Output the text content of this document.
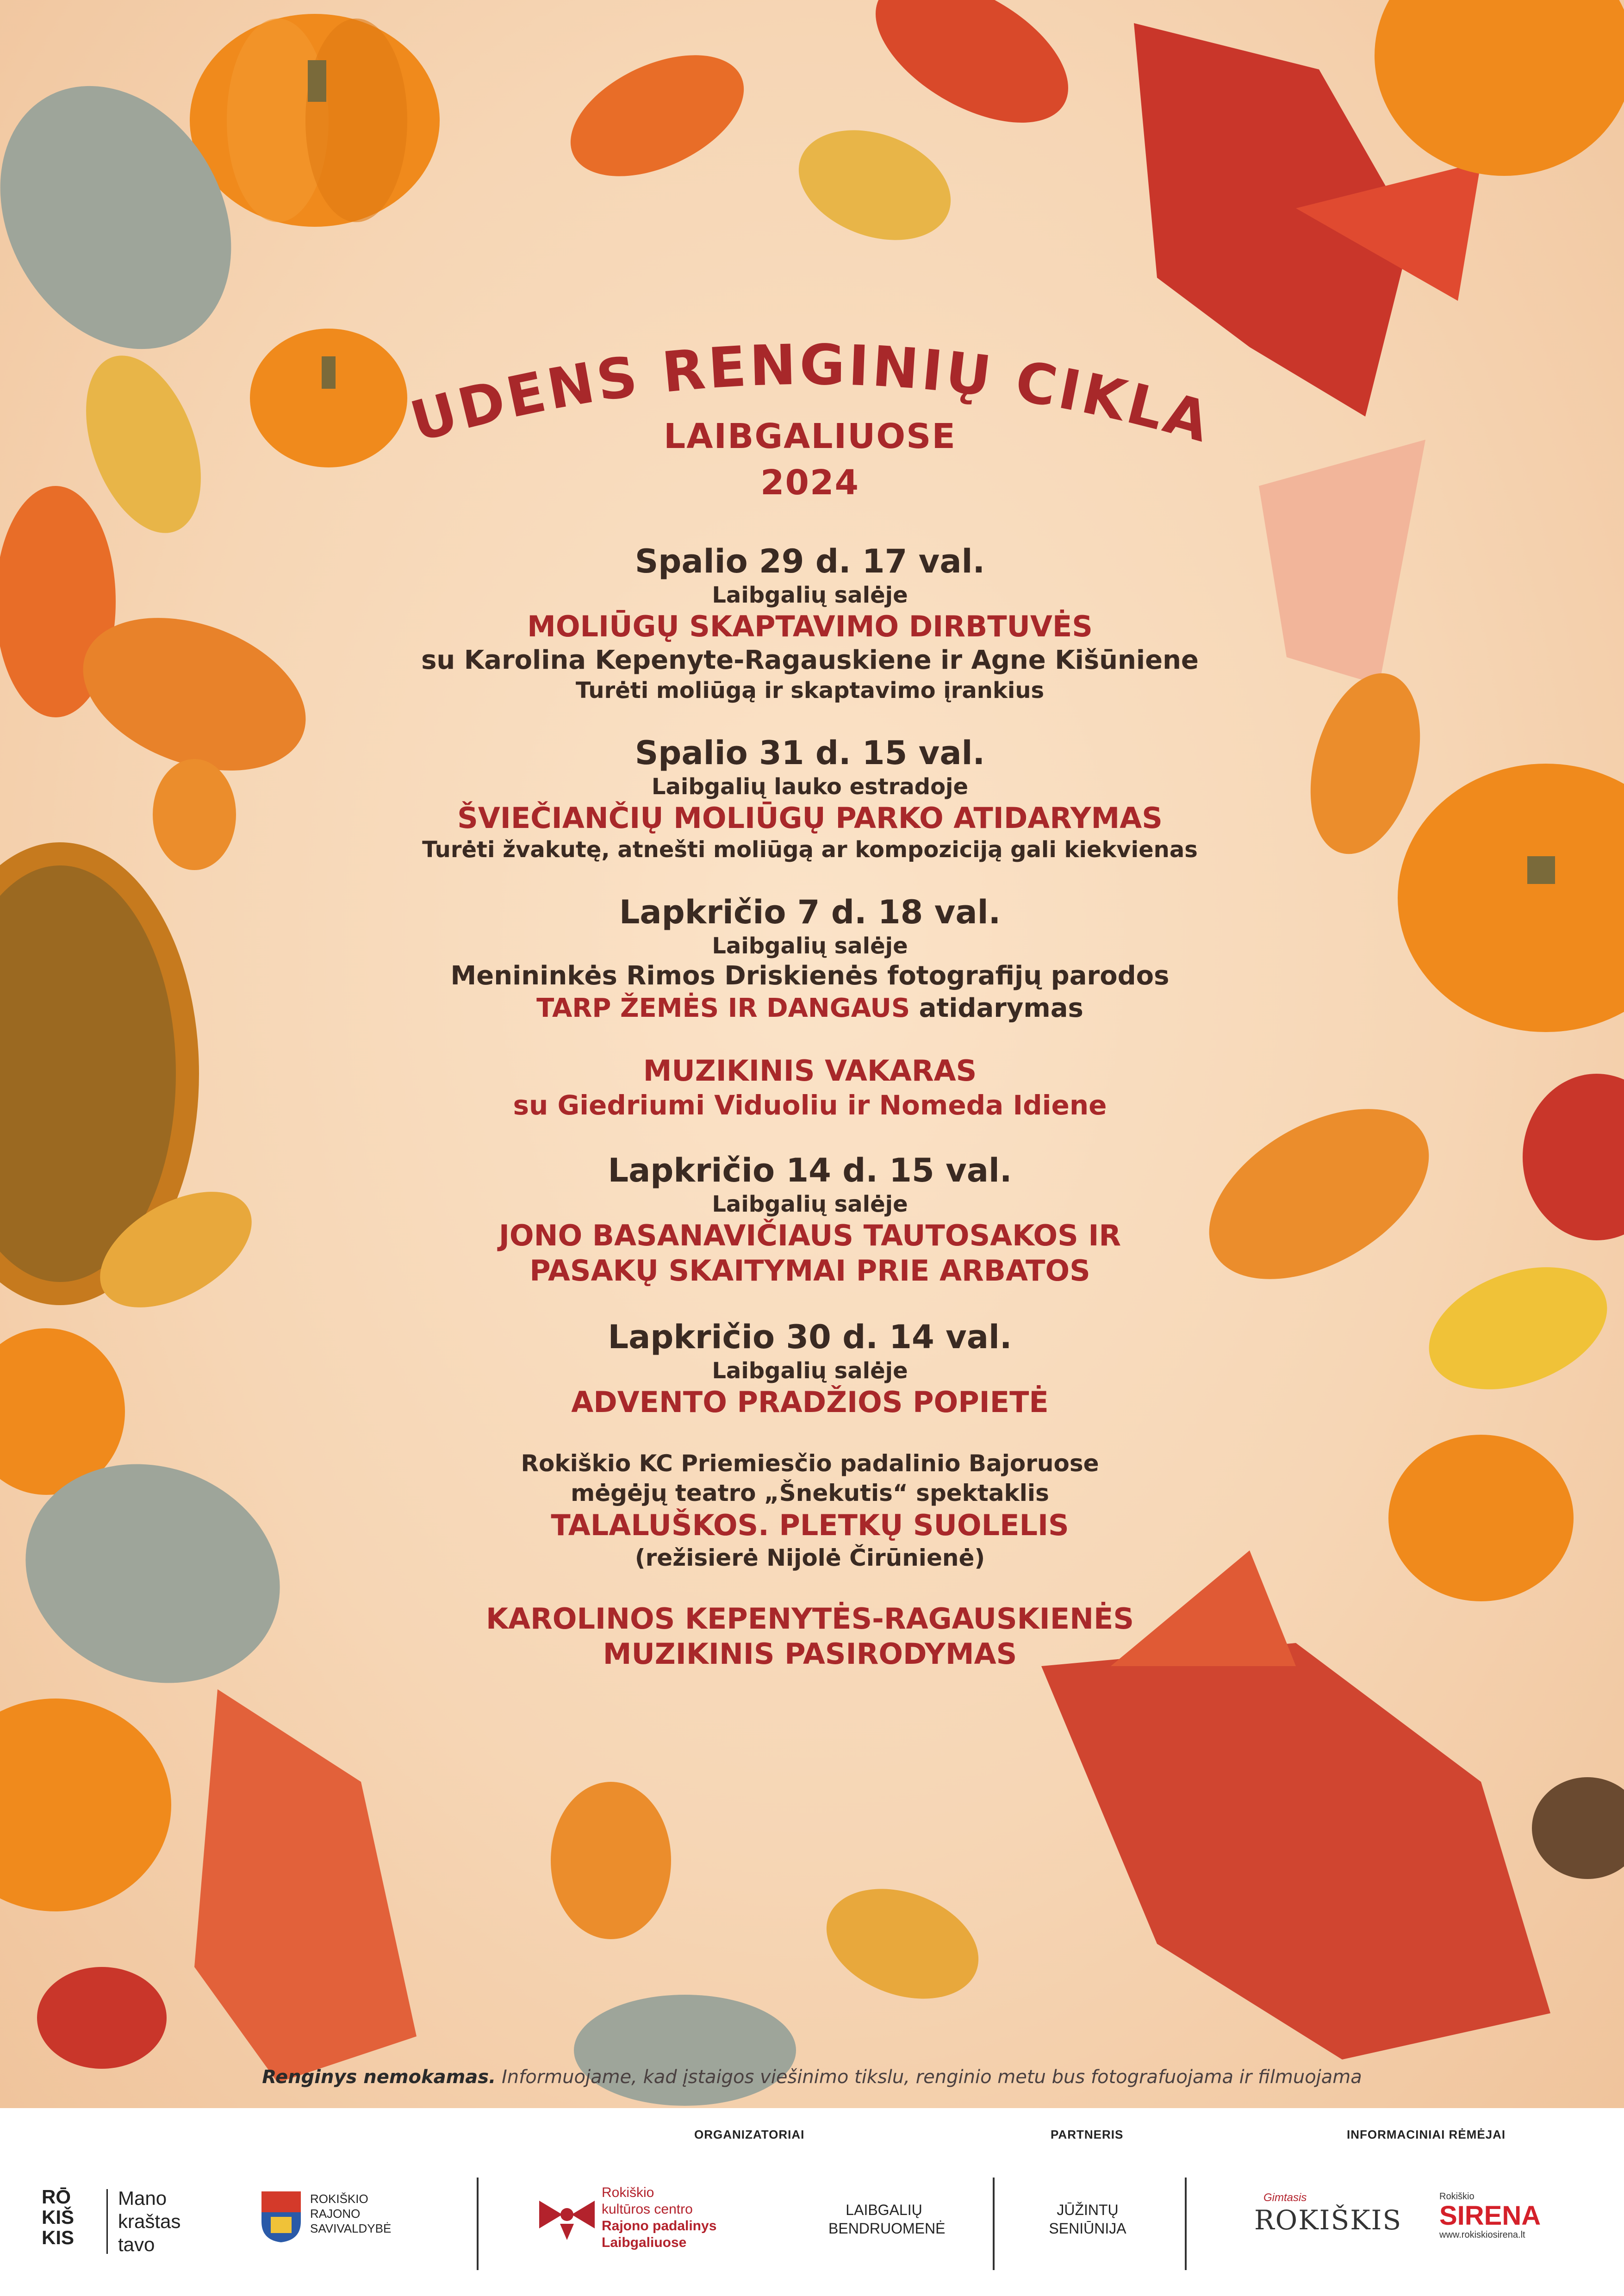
UDENS RENGINIŲ CIKLA
LAIBGALIUOSE
2024
Spalio 29 d. 17 val.
Laibgalių salėje
MOLIŪGŲ SKAPTAVIMO DIRBTUVĖS
su Karolina Kepenyte-Ragauskiene ir Agne Kišūniene
Turėti moliūgą ir skaptavimo įrankius
Spalio 31 d. 15 val.
Laibgalių lauko estradoje
ŠVIEČIANČIŲ MOLIŪGŲ PARKO ATIDARYMAS
Turėti žvakutę, atnešti moliūgą ar kompoziciją gali kiekvienas
Lapkričio 7 d. 18 val.
Laibgalių salėje
Menininkės Rimos Driskienės fotografijų parodos
TARP ŽEMĖS IR DANGAUS atidarymas
MUZIKINIS VAKARAS
su Giedriumi Viduoliu ir Nomeda Idiene
Lapkričio 14 d. 15 val.
Laibgalių salėje
JONO BASANAVIČIAUS TAUTOSAKOS IR
PASAKŲ SKAITYMAI PRIE ARBATOS
Lapkričio 30 d. 14 val.
Laibgalių salėje
ADVENTO PRADŽIOS POPIETĖ
Rokiškio KC Priemiesčio padalinio Bajoruose
mėgėjų teatro „Šnekutis“ spektaklis
TALALUŠKOS. PLETKŲ SUOLELIS
(režisierė Nijolė Čirūnienė)
KAROLINOS KEPENYTĖS-RAGAUSKIENĖS
MUZIKINIS PASIRODYMAS
Renginys nemokamas. Informuojame, kad įstaigos viešinimo tikslu, renginio metu bus fotografuojama ir filmuojama
ORGANIZATORIAI	PARTNERIS	INFORMACINIAI RĖMĖJAI
RŌ KIŠ KIS
Mano
kraštas
tavo
ROKIŠKIO
RAJONO
SAVIVALDYBĖ
Rokiškio
kultūros centro
Rajono padalinys
Laibgaliuose
LAIBGALIŲ
BENDRUOMENĖ
JŪŽINTŲ
SENIŪNIJA
Gimtasis
ROKIŠKIS
Rokiškio
SIRENA
www.rokiskiosirena.lt
